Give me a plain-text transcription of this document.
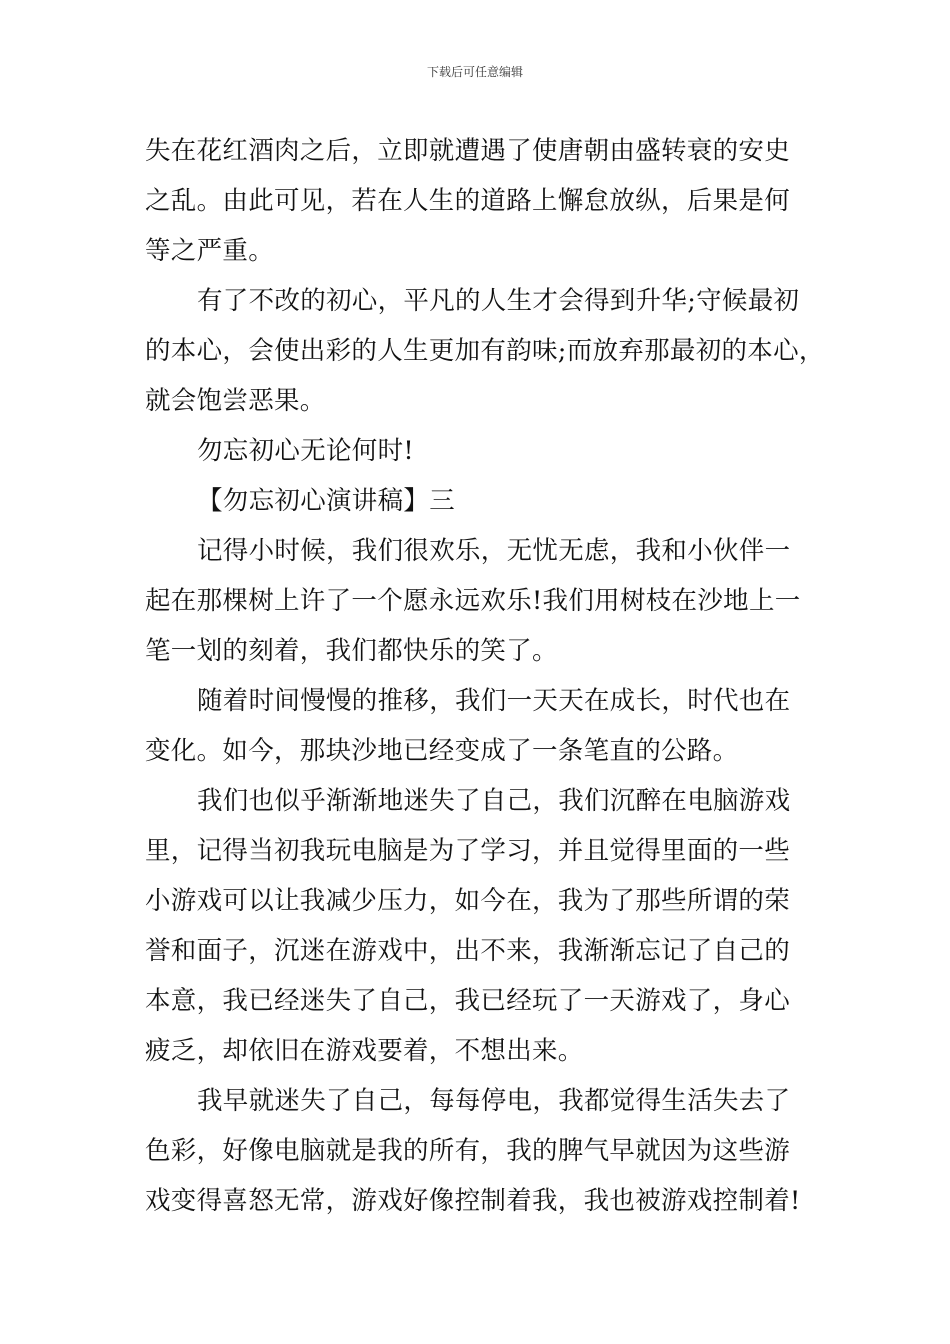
下载后可任意编辑
失在花红酒肉之后，立即就遭遇了使唐朝由盛转衰的安史
之乱。由此可见，若在人生的道路上懈怠放纵，后果是何
等之严重。
有了不改的初心，平凡的人生才会得到升华;守候最初
的本心，会使出彩的人生更加有韵味;而放弃那最初的本心，
就会饱尝恶果。
勿忘初心无论何时!
【勿忘初心演讲稿】三
记得小时候，我们很欢乐，无忧无虑，我和小伙伴一
起在那棵树上许了一个愿永远欢乐!我们用树枝在沙地上一
笔一划的刻着，我们都快乐的笑了。
随着时间慢慢的推移，我们一天天在成长，时代也在
变化。如今，那块沙地已经变成了一条笔直的公路。
我们也似乎渐渐地迷失了自己，我们沉醉在电脑游戏
里，记得当初我玩电脑是为了学习，并且觉得里面的一些
小游戏可以让我减少压力，如今在，我为了那些所谓的荣
誉和面子，沉迷在游戏中，出不来，我渐渐忘记了自己的
本意，我已经迷失了自己，我已经玩了一天游戏了，身心
疲乏，却依旧在游戏要着，不想出来。
我早就迷失了自己，每每停电，我都觉得生活失去了
色彩，好像电脑就是我的所有，我的脾气早就因为这些游
戏变得喜怒无常，游戏好像控制着我，我也被游戏控制着!
